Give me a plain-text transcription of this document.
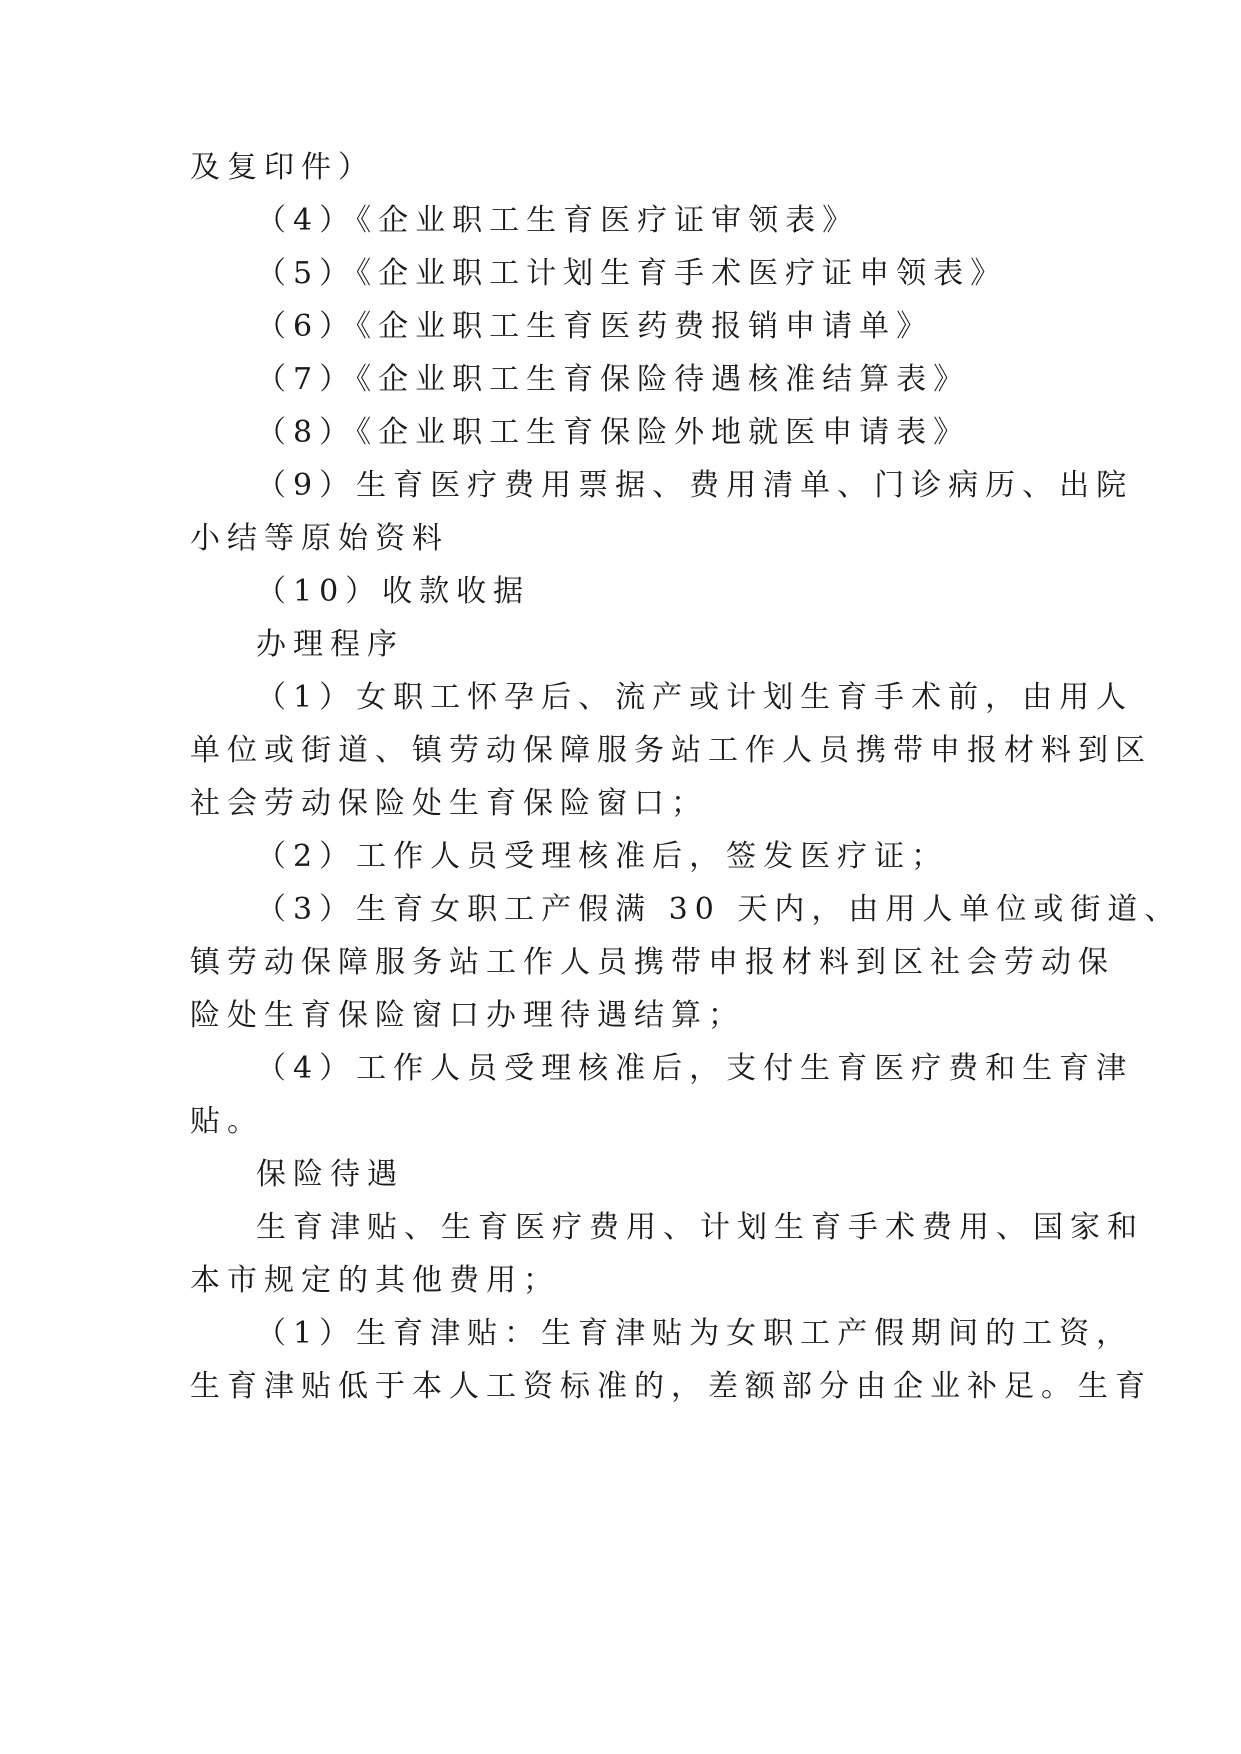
及复印件）
（4）《企业职工生育医疗证审领表》
（5）《企业职工计划生育手术医疗证申领表》
（6）《企业职工生育医药费报销申请单》
（7）《企业职工生育保险待遇核准结算表》
（8）《企业职工生育保险外地就医申请表》
（9）生育医疗费用票据、费用清单、门诊病历、出院
小结等原始资料
（10）收款收据
办理程序
（1）女职工怀孕后、流产或计划生育手术前，由用人
单位或街道、镇劳动保障服务站工作人员携带申报材料到区
社会劳动保险处生育保险窗口；
（2）工作人员受理核准后，签发医疗证；
（3）生育女职工产假满 30 天内，由用人单位或街道、
镇劳动保障服务站工作人员携带申报材料到区社会劳动保
险处生育保险窗口办理待遇结算；
（4）工作人员受理核准后，支付生育医疗费和生育津
贴。
保险待遇
生育津贴、生育医疗费用、计划生育手术费用、国家和
本市规定的其他费用；
（1）生育津贴：生育津贴为女职工产假期间的工资，
生育津贴低于本人工资标准的，差额部分由企业补足。生育
